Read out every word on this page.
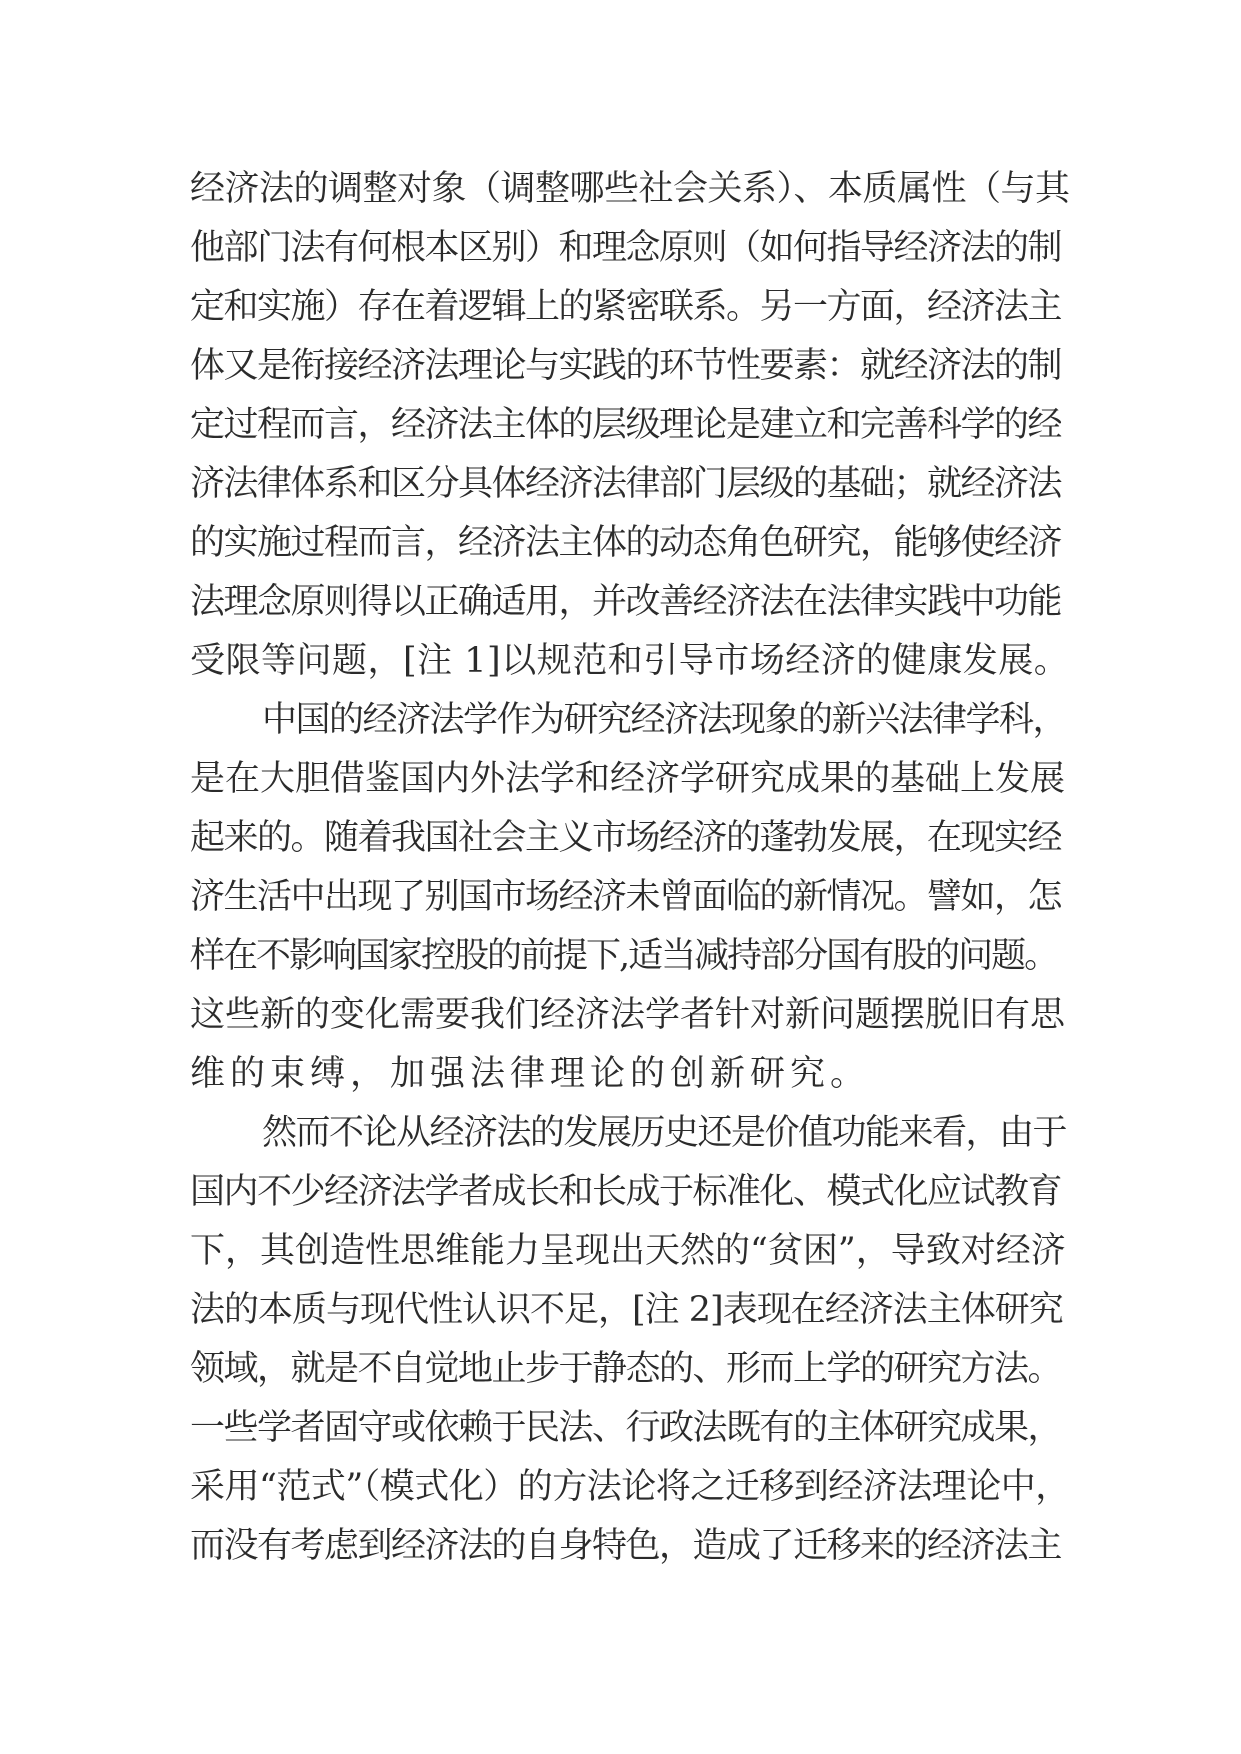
经济法的调整对象（调整哪些社会关系）、本质属性（与其
他部门法有何根本区别）和理念原则（如何指导经济法的制
定和实施）存在着逻辑上的紧密联系。另一方面，经济法主
体又是衔接经济法理论与实践的环节性要素：就经济法的制
定过程而言，经济法主体的层级理论是建立和完善科学的经
济法律体系和区分具体经济法律部门层级的基础；就经济法
的实施过程而言，经济法主体的动态角色研究，能够使经济
法理念原则得以正确适用，并改善经济法在法律实践中功能
受限等问题，[注 1]以规范和引导市场经济的健康发展。
中国的经济法学作为研究经济法现象的新兴法律学科，
是在大胆借鉴国内外法学和经济学研究成果的基础上发展
起来的。随着我国社会主义市场经济的蓬勃发展，在现实经
济生活中出现了别国市场经济未曾面临的新情况。譬如，怎
样在不影响国家控股的前提下,适当减持部分国有股的问题。
这些新的变化需要我们经济法学者针对新问题摆脱旧有思
维的束缚，加强法律理论的创新研究。
然而不论从经济法的发展历史还是价值功能来看，由于
国内不少经济法学者成长和长成于标准化、模式化应试教育
下，其创造性思维能力呈现出天然的“贫困”，导致对经济
法的本质与现代性认识不足，[注 2]表现在经济法主体研究
领域，就是不自觉地止步于静态的、形而上学的研究方法。
一些学者固守或依赖于民法、行政法既有的主体研究成果，
采用“范式”（模式化）的方法论将之迁移到经济法理论中，
而没有考虑到经济法的自身特色，造成了迁移来的经济法主
